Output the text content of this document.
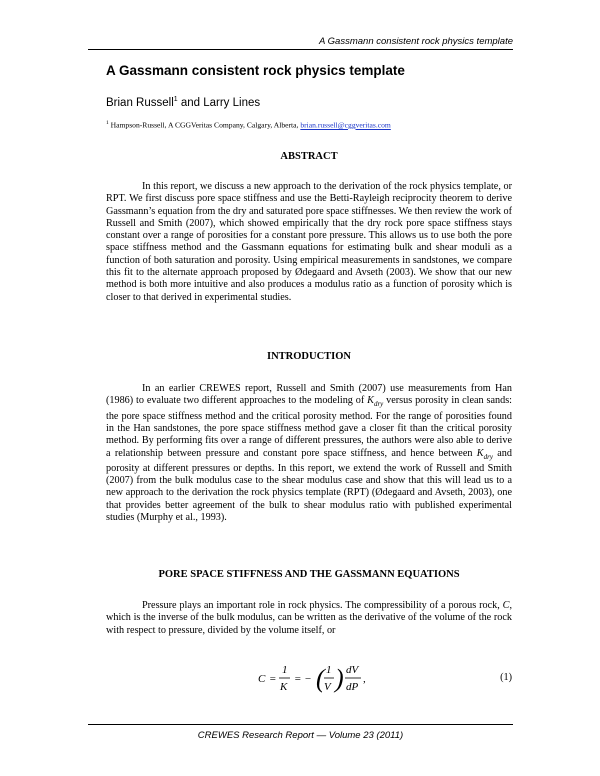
A Gassmann consistent rock physics template
A Gassmann consistent rock physics template
Brian Russell$^1$ and Larry Lines
$^1$ Hampson-Russell, A CGGVeritas Company, Calgary, Alberta, brian.russell@cggveritas.com
ABSTRACT

In this report, we discuss a new approach to the derivation of the rock physics template, or RPT. We first discuss pore space stiffness and use the Betti-Rayleigh reciprocity theorem to derive Gassmann’s equation from the dry and saturated pore space stiffnesses. We then review the work of Russell and Smith (2007), which showed empirically that the dry rock pore space stiffness stays constant over a range of porosities for a constant pore pressure. This allows us to use both the pore space stiffness method and the Gassmann equations for estimating bulk and shear moduli as a function of both saturation and porosity. Using empirical measurements in sandstones, we compare this fit to the alternate approach proposed by Ødegaard and Avseth (2003). We show that our new method is both more intuitive and also produces a modulus ratio as a function of porosity which is closer to that derived in experimental studies.

INTRODUCTION

In an earlier CREWES report, Russell and Smith (2007) use measurements from Han (1986) to evaluate two different approaches to the modeling of $K_{dry}$ versus porosity in clean sands: the pore space stiffness method and the critical porosity method. For the range of porosities found in the Han sandstones, the pore space stiffness method gave a closer fit than the critical porosity method. By performing fits over a range of different pressures, the authors were also able to derive a relationship between pressure and constant pore space stiffness, and hence between $K_{dry}$ and porosity at different pressures or depths. In this report, we extend the work of Russell and Smith (2007) from the bulk modulus case to the shear modulus case and show that this will lead us to a new approach to the derivation the rock physics template (RPT) (Ødegaard and Avseth, 2003), one that provides better agreement of the bulk to shear modulus ratio with published experimental studies (Murphy et al., 1993).

PORE SPACE STIFFNESS AND THE GASSMANN EQUATIONS

Pressure plays an important role in rock physics. The compressibility of a porous rock, C, which is the inverse of the bulk modulus, can be written as the derivative of the volume of the rock with respect to pressure, divided by the volume itself, or

C =
1
K
= − ( 1
V ) dV
dP
,	(1)
CREWES Research Report — Volume 23 (2011)
